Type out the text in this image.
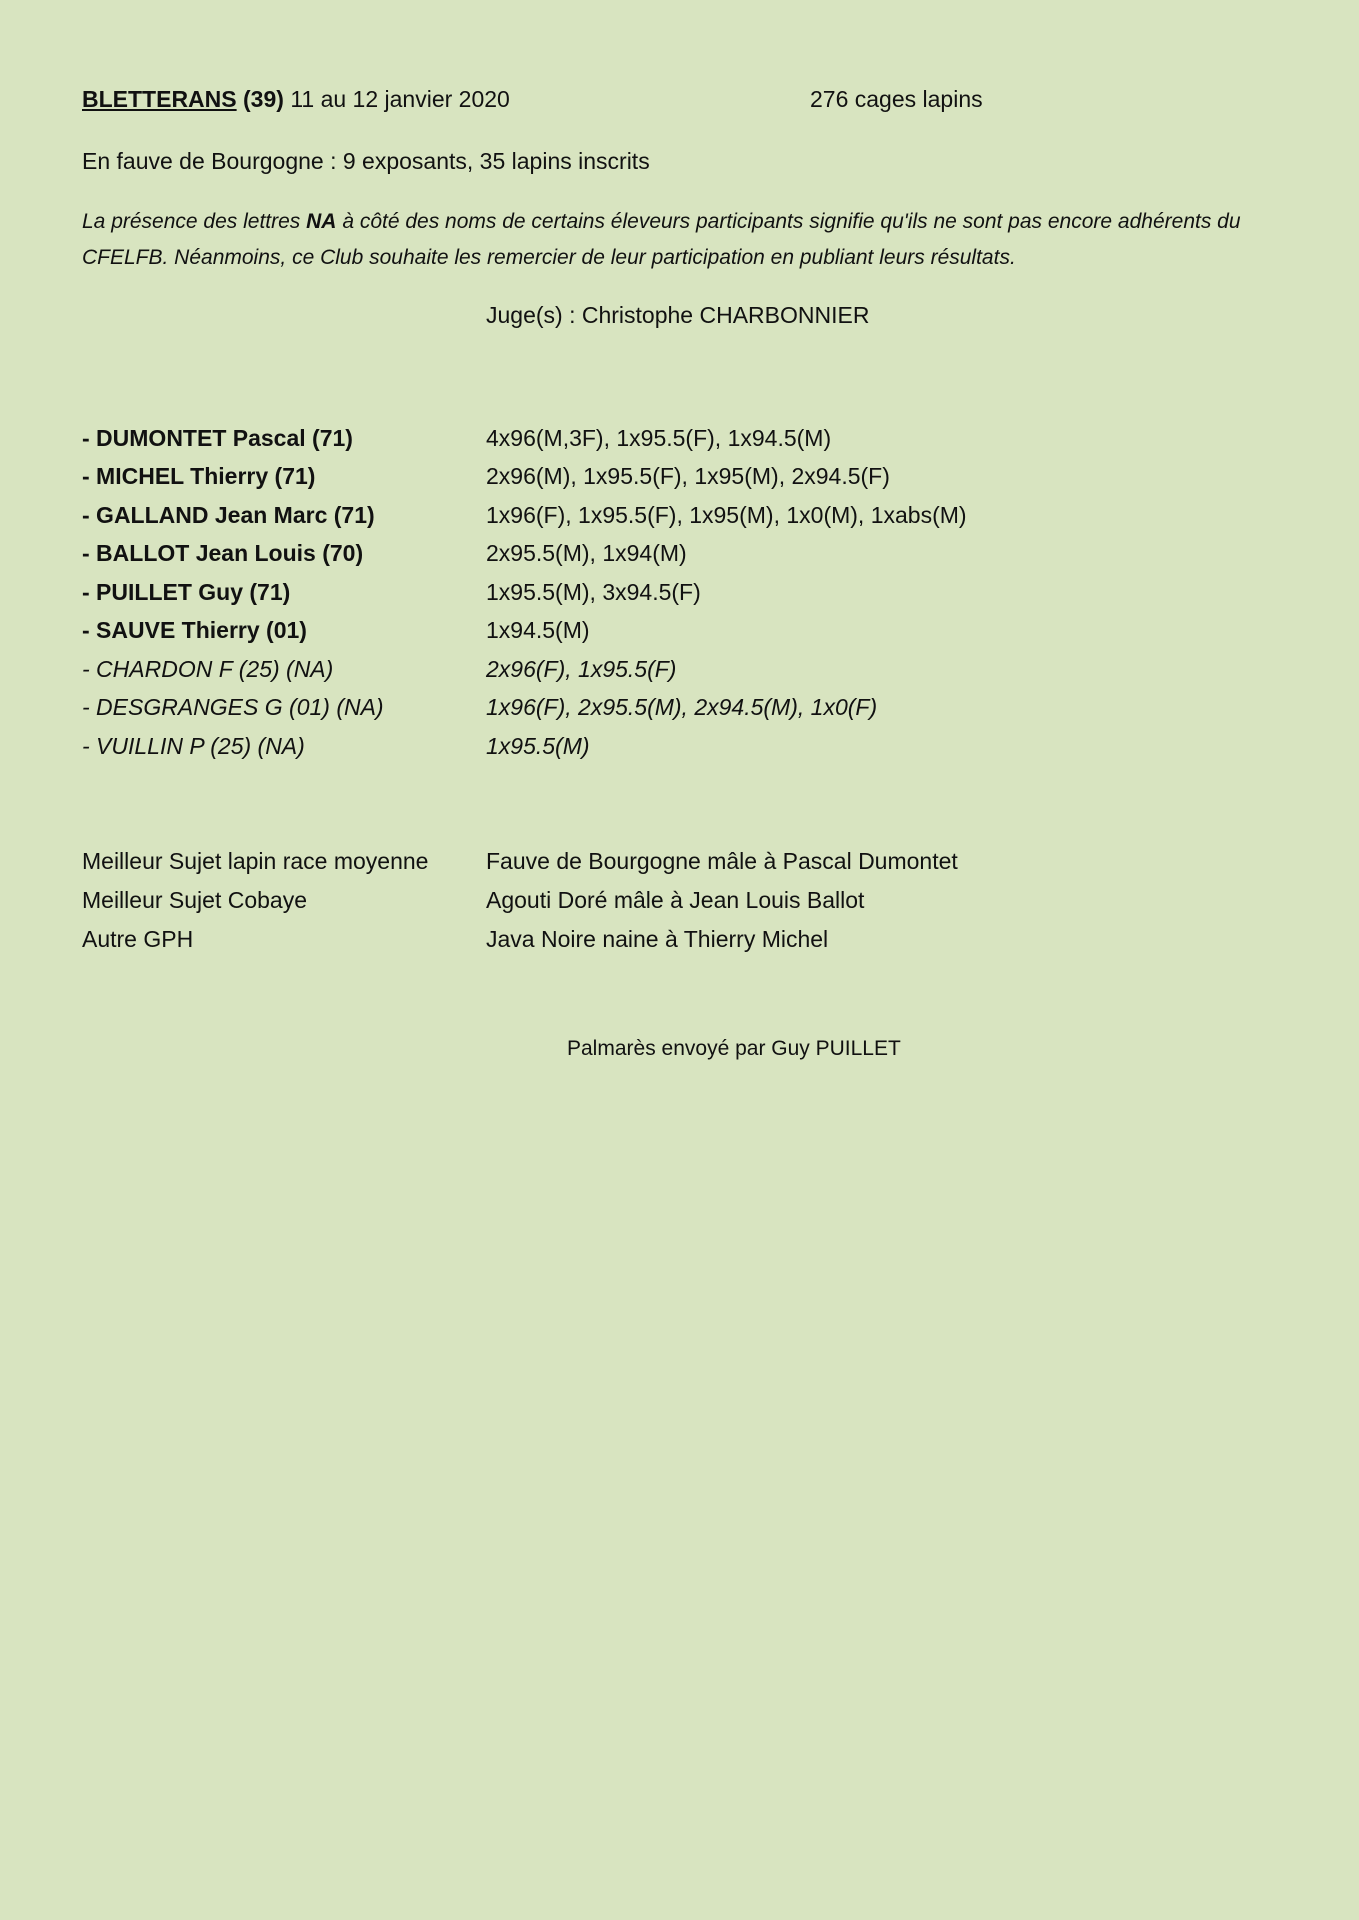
BLETTERANS (39) 11 au 12 janvier 2020	276 cages lapins
En fauve de Bourgogne : 9 exposants, 35 lapins inscrits
La présence des lettres NA à côté des noms de certains éleveurs participants signifie qu'ils ne sont pas encore adhérents du CFELFB. Néanmoins, ce Club souhaite les remercier de leur participation en publiant leurs résultats.
Juge(s) : Christophe CHARBONNIER
- DUMONTET Pascal (71)	4x96(M,3F), 1x95.5(F), 1x94.5(M)
- MICHEL Thierry (71)	2x96(M), 1x95.5(F), 1x95(M), 2x94.5(F)
- GALLAND Jean Marc (71)	1x96(F), 1x95.5(F), 1x95(M), 1x0(M), 1xabs(M)
- BALLOT Jean Louis (70)	2x95.5(M), 1x94(M)
- PUILLET Guy (71)	1x95.5(M), 3x94.5(F)
- SAUVE Thierry (01)	1x94.5(M)
- CHARDON F (25) (NA)	2x96(F), 1x95.5(F)
- DESGRANGES G (01) (NA)	1x96(F), 2x95.5(M), 2x94.5(M), 1x0(F)
- VUILLIN P (25) (NA)	1x95.5(M)
Meilleur Sujet lapin race moyenne	Fauve de Bourgogne mâle à Pascal Dumontet
Meilleur Sujet Cobaye	Agouti Doré mâle à Jean Louis Ballot
Autre GPH	Java Noire naine à Thierry Michel
Palmarès envoyé par Guy PUILLET
